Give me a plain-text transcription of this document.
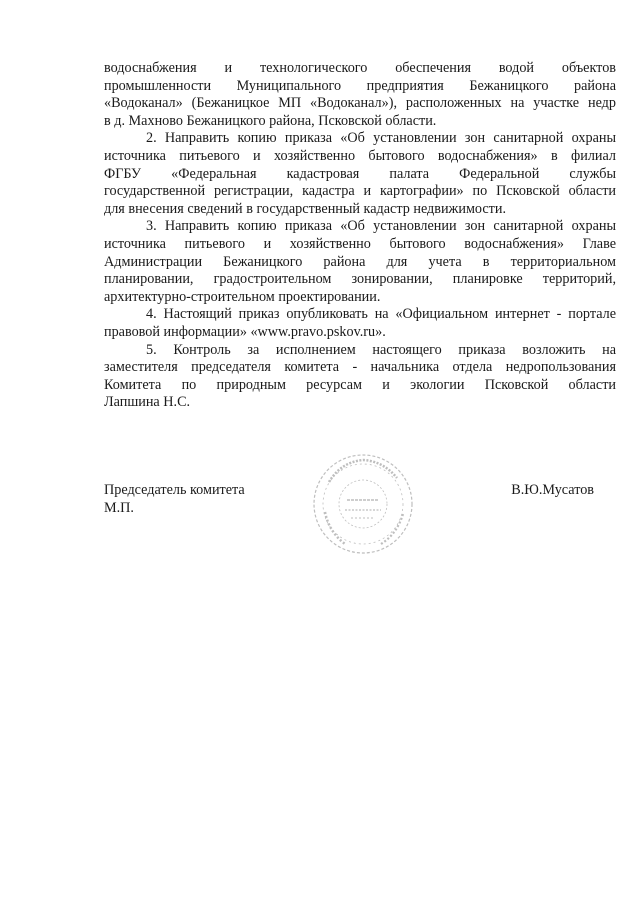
водоснабжения и технологического обеспечения водой объектов
промышленности Муниципального предприятия Бежаницкого района
«Водоканал» (Бежаницкое МП «Водоканал»), расположенных на участке недр
в д. Махново Бежаницкого района, Псковской области.
2. Направить копию приказа «Об установлении зон санитарной охраны
источника питьевого и хозяйственно бытового водоснабжения» в филиал
ФГБУ «Федеральная кадастровая палата Федеральной службы
государственной регистрации, кадастра и картографии» по Псковской области
для внесения сведений в государственный кадастр недвижимости.
3. Направить копию приказа «Об установлении зон санитарной охраны
источника питьевого и хозяйственно бытового водоснабжения» Главе
Администрации Бежаницкого района для учета в территориальном
планировании, градостроительном зонировании, планировке территорий,
архитектурно-строительном проектировании.
4. Настоящий приказ опубликовать на «Официальном интернет - портале
правовой информации» «www.pravo.pskov.ru».
5. Контроль за исполнением настоящего приказа возложить на
заместителя председателя комитета - начальника отдела недропользования
Комитета по природным ресурсам и экологии Псковской области
Лапшина Н.С.
Председатель комитета
М.П.
В.Ю.Мусатов
